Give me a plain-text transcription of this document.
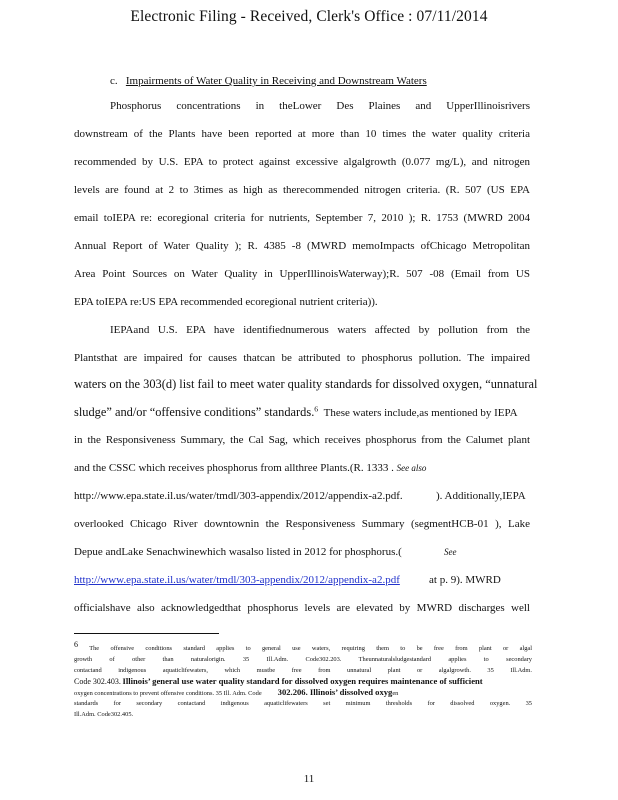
Electronic Filing - Received, Clerk's Office : 07/11/2014
c. Impairments of Water Quality in Receiving and Downstream Waters
Phosphorus concentrations in theLower Des Plaines and UpperIllinoisrivers
downstream of the Plants have been reported at more than 10 times the water quality criteria
recommended by U.S. EPA to protect against excessive algalgrowth (0.077 mg/L), and nitrogen
levels are found at 2 to 3times as high as therecommended nitrogen criteria. (R. 507 (US EPA
email toIEPA re: ecoregional criteria for nutrients, September 7, 2010 ); R. 1753 (MWRD 2004
Annual Report of Water Quality ); R. 4385 -8 (MWRD memoImpacts ofChicago Metropolitan
Area Point Sources on Water Quality in UpperIllinoisWaterway);R. 507 -08 (Email from US
EPA toIEPA re:US EPA recommended ecoregional nutrient criteria)).
IEPAand U.S. EPA have identifiednumerous waters affected by pollution from the
Plantsthat are impaired for causes thatcan be attributed to phosphorus pollution. The impaired
waters on the 303(d) list fail to meet water quality standards for dissolved oxygen, “unnatural
sludge” and/or “offensive conditions” standards.$^6$ These waters include,as mentioned by IEPA
in the Responsiveness Summary, the Cal Sag, which receives phosphorus from the Calumet plant
and the CSSC which receives phosphorus from allthree Plants.(R. 1333 . See also
http://www.epa.state.il.us/water/tmdl/303-appendix/2012/appendix-a2.pdf.	). Additionally,IEPA
overlooked Chicago River downtownin the Responsiveness Summary (segmentHCB-01 ), Lake
Depue andLake Senachwinewhich wasalso listed in 2012 for phosphorus.(	See
http://www.epa.state.il.us/water/tmdl/303-appendix/2012/appendix-a2.pdf	at p. 9). MWRD
officialshave also acknowledgedthat phosphorus levels are elevated by MWRD discharges well
$^6$ The offensive conditions standard applies to general use waters, requiring them to be free from plant or algal
growth of other than naturalorigin. 35 Ill.Adm. Code302.203. Theunnaturalsludgestandard applies to secondary
contactand indigenous aquaticlifewaters, which mustbe free from unnatural plant or algalgrowth. 35 Ill.Adm.
Code 302.403. Illinois’ general use water quality standard for dissolved oxygen requires maintenance of sufficient
oxygen concentrations to prevent offensive conditions. 35 Ill. Adm. Code 302.206. Illinois’ dissolved oxygen
standards for secondary contactand indigenous aquaticlifewaters set minimum thresholds for dissolved oxygen. 35
Ill.Adm. Code302.405.
11
